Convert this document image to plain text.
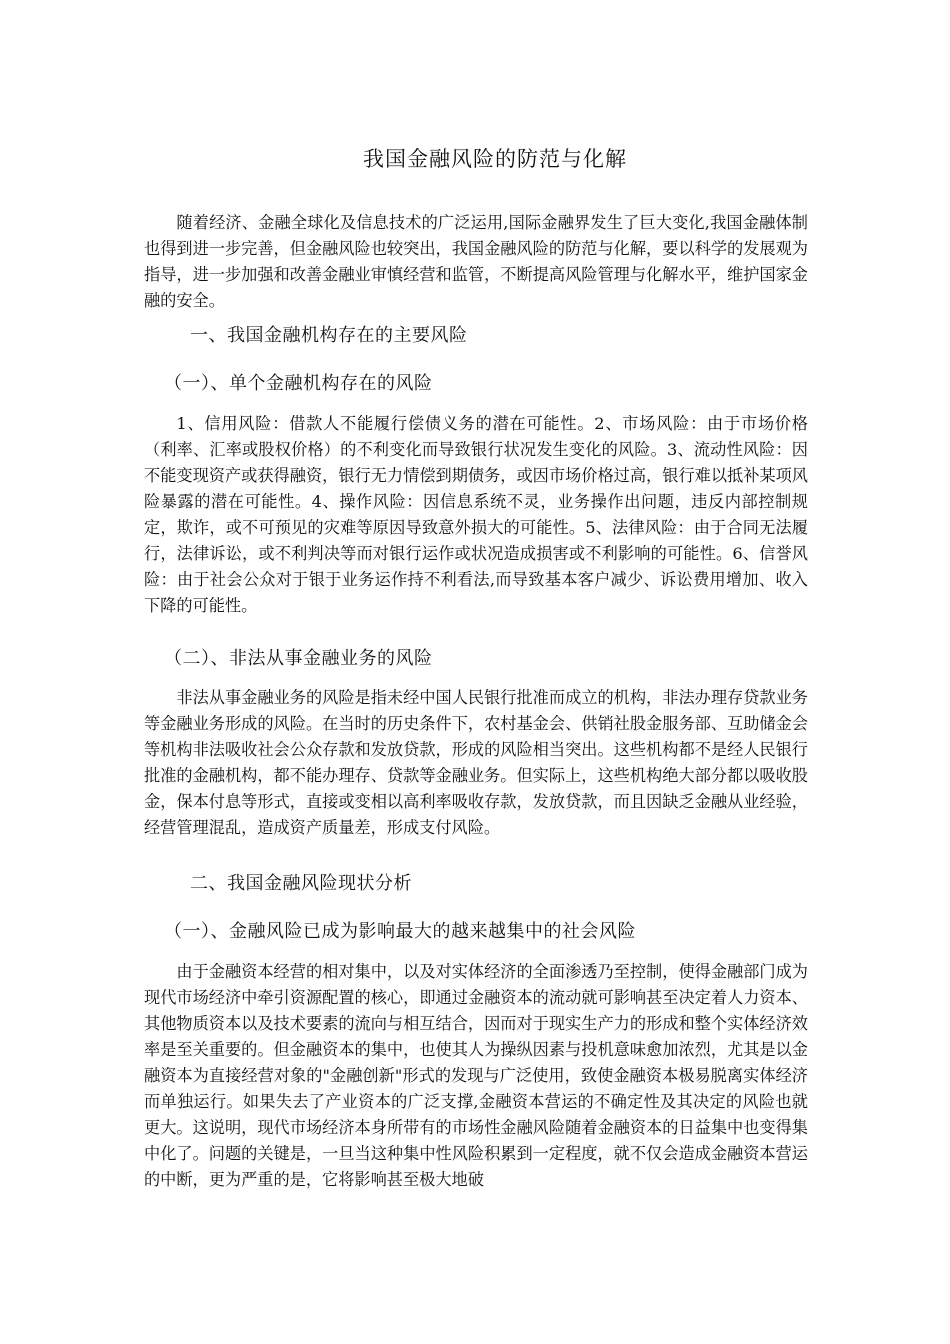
我国金融风险的防范与化解

随着经济、金融全球化及信息技术的广泛运用,国际金融界发生了巨大变化,我国金融体制也得到进一步完善，但金融风险也较突出，我国金融风险的防范与化解，要以科学的发展观为指导，进一步加强和改善金融业审慎经营和监管，不断提高风险管理与化解水平，维护国家金融的安全。

一、我国金融机构存在的主要风险
（一）、单个金融机构存在的风险

1、信用风险：借款人不能履行偿债义务的潜在可能性。2、市场风险：由于市场价格（利率、汇率或股权价格）的不利变化而导致银行状况发生变化的风险。3、流动性风险：因不能变现资产或获得融资，银行无力情偿到期债务，或因市场价格过高，银行难以抵补某项风险暴露的潜在可能性。4、操作风险：因信息系统不灵，业务操作出问题，违反内部控制规定，欺诈，或不可预见的灾难等原因导致意外损大的可能性。5、法律风险：由于合同无法履行，法律诉讼，或不利判决等而对银行运作或状况造成损害或不利影响的可能性。6、信誉风险：由于社会公众对于银于业务运作持不利看法,而导致基本客户减少、诉讼费用增加、收入下降的可能性。

（二）、非法从事金融业务的风险

非法从事金融业务的风险是指未经中国人民银行批准而成立的机构，非法办理存贷款业务等金融业务形成的风险。在当时的历史条件下，农村基金会、供销社股金服务部、互助储金会等机构非法吸收社会公众存款和发放贷款，形成的风险相当突出。这些机构都不是经人民银行批准的金融机构，都不能办理存、贷款等金融业务。但实际上，这些机构绝大部分都以吸收股金，保本付息等形式，直接或变相以高利率吸收存款，发放贷款，而且因缺乏金融从业经验，经营管理混乱，造成资产质量差，形成支付风险。

二、我国金融风险现状分析
（一）、金融风险已成为影响最大的越来越集中的社会风险

由于金融资本经营的相对集中，以及对实体经济的全面渗透乃至控制，使得金融部门成为现代市场经济中牵引资源配置的核心，即通过金融资本的流动就可影响甚至决定着人力资本、其他物质资本以及技术要素的流向与相互结合，因而对于现实生产力的形成和整个实体经济效率是至关重要的。但金融资本的集中，也使其人为操纵因素与投机意味愈加浓烈，尤其是以金融资本为直接经营对象的"金融创新"形式的发现与广泛使用，致使金融资本极易脱离实体经济而单独运行。如果失去了产业资本的广泛支撑,金融资本营运的不确定性及其决定的风险也就更大。这说明，现代市场经济本身所带有的市场性金融风险随着金融资本的日益集中也变得集中化了。问题的关键是，一旦当这种集中性风险积累到一定程度，就不仅会造成金融资本营运的中断，更为严重的是，它将影响甚至极大地破
